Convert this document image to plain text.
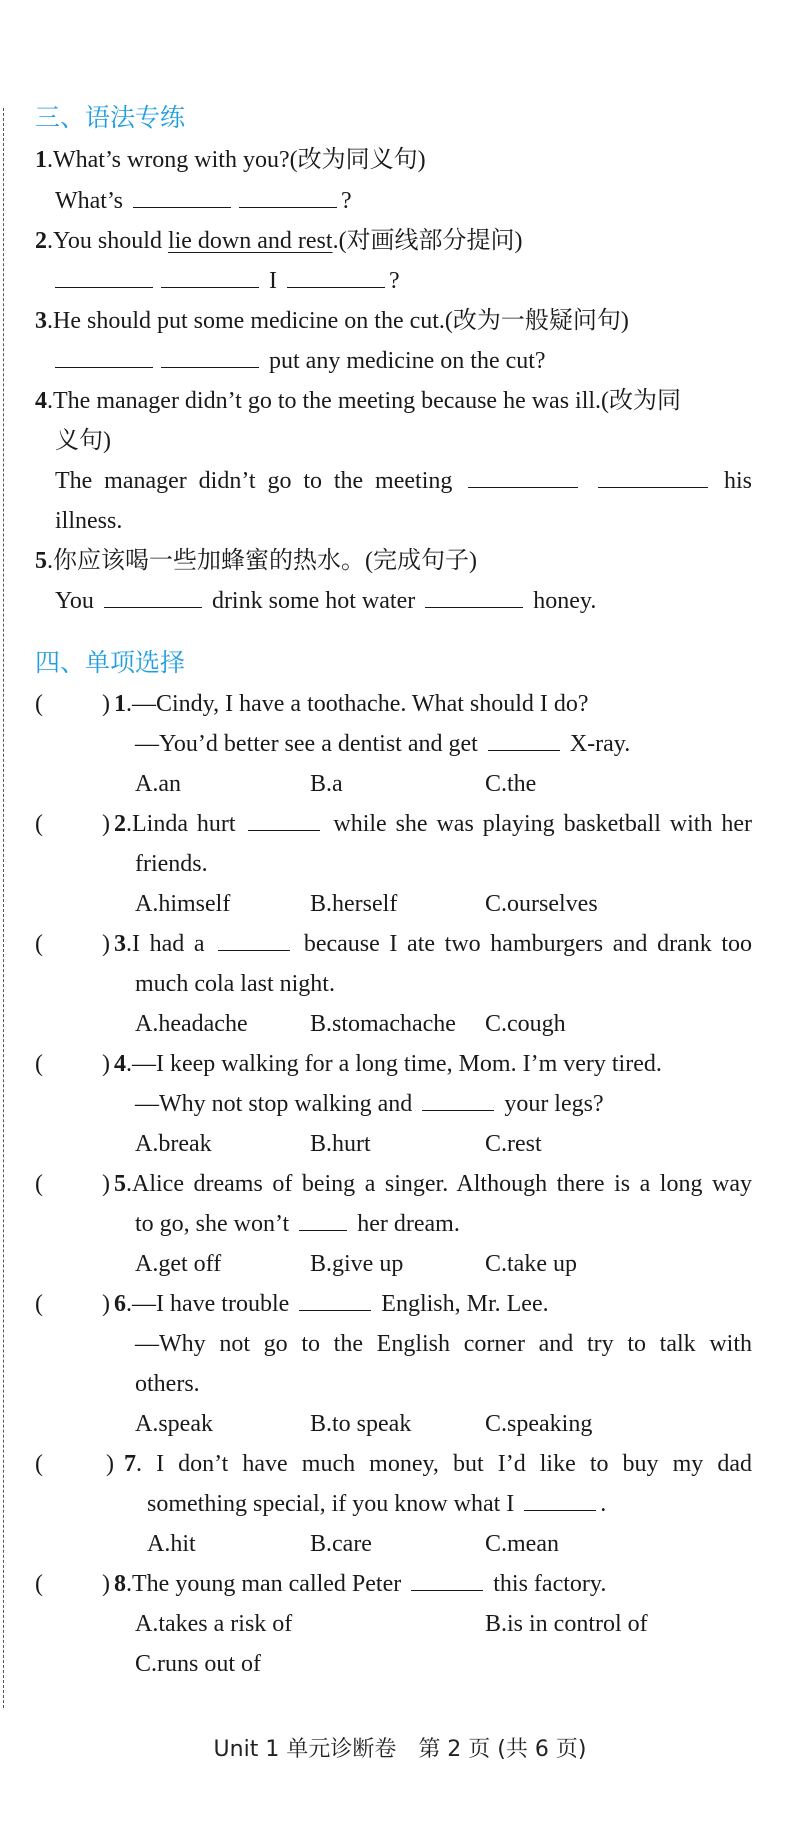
三、语法专练
1.What’s wrong with you?(改为同义句)
What’s	?
2.You should lie down and rest.(对画线部分提问)
I	?
3.He should put some medicine on the cut.(改为一般疑问句)
put any medicine on the cut?
4.The manager didn’t go to the meeting because he was ill.(改为同
义句)
The manager didn’t go to the meeting	his
illness.
5.你应该喝一些加蜂蜜的热水。(完成句子)
You	drink some hot water	honey.
四、单项选择
( ) 1.—Cindy, I have a toothache. What should I do?
—You’d better see a dentist and get	X-ray.
A.an	B.a	C.the
( ) 2.Linda hurt	while she was playing basketball with her
friends.
A.himself	B.herself	C.ourselves
( ) 3.I had a	because I ate two hamburgers and drank too
much cola last night.
A.headache	B.stomachache C.cough
( ) 4.—I keep walking for a long time, Mom. I’m very tired.
—Why not stop walking and	your legs?
A.break	B.hurt	C.rest
( ) 5.Alice dreams of being a singer. Although there is a long way
to go, she won’t	her dream.
A.get off	B.give up	C.take up
( ) 6.—I have trouble	English, Mr. Lee.
—Why not go to the English corner and try to talk with
others.
A.speak	B.to speak	C.speaking
(	) 7. I don’t have much money, but I’d like to buy my dad
something special, if you know what I	.
A.hit	B.care	C.mean
( ) 8.The young man called Peter	this factory.
A.takes a risk of	B.is in control of
C.runs out of
Unit 1 单元诊断卷　第 2 页 (共 6 页)
